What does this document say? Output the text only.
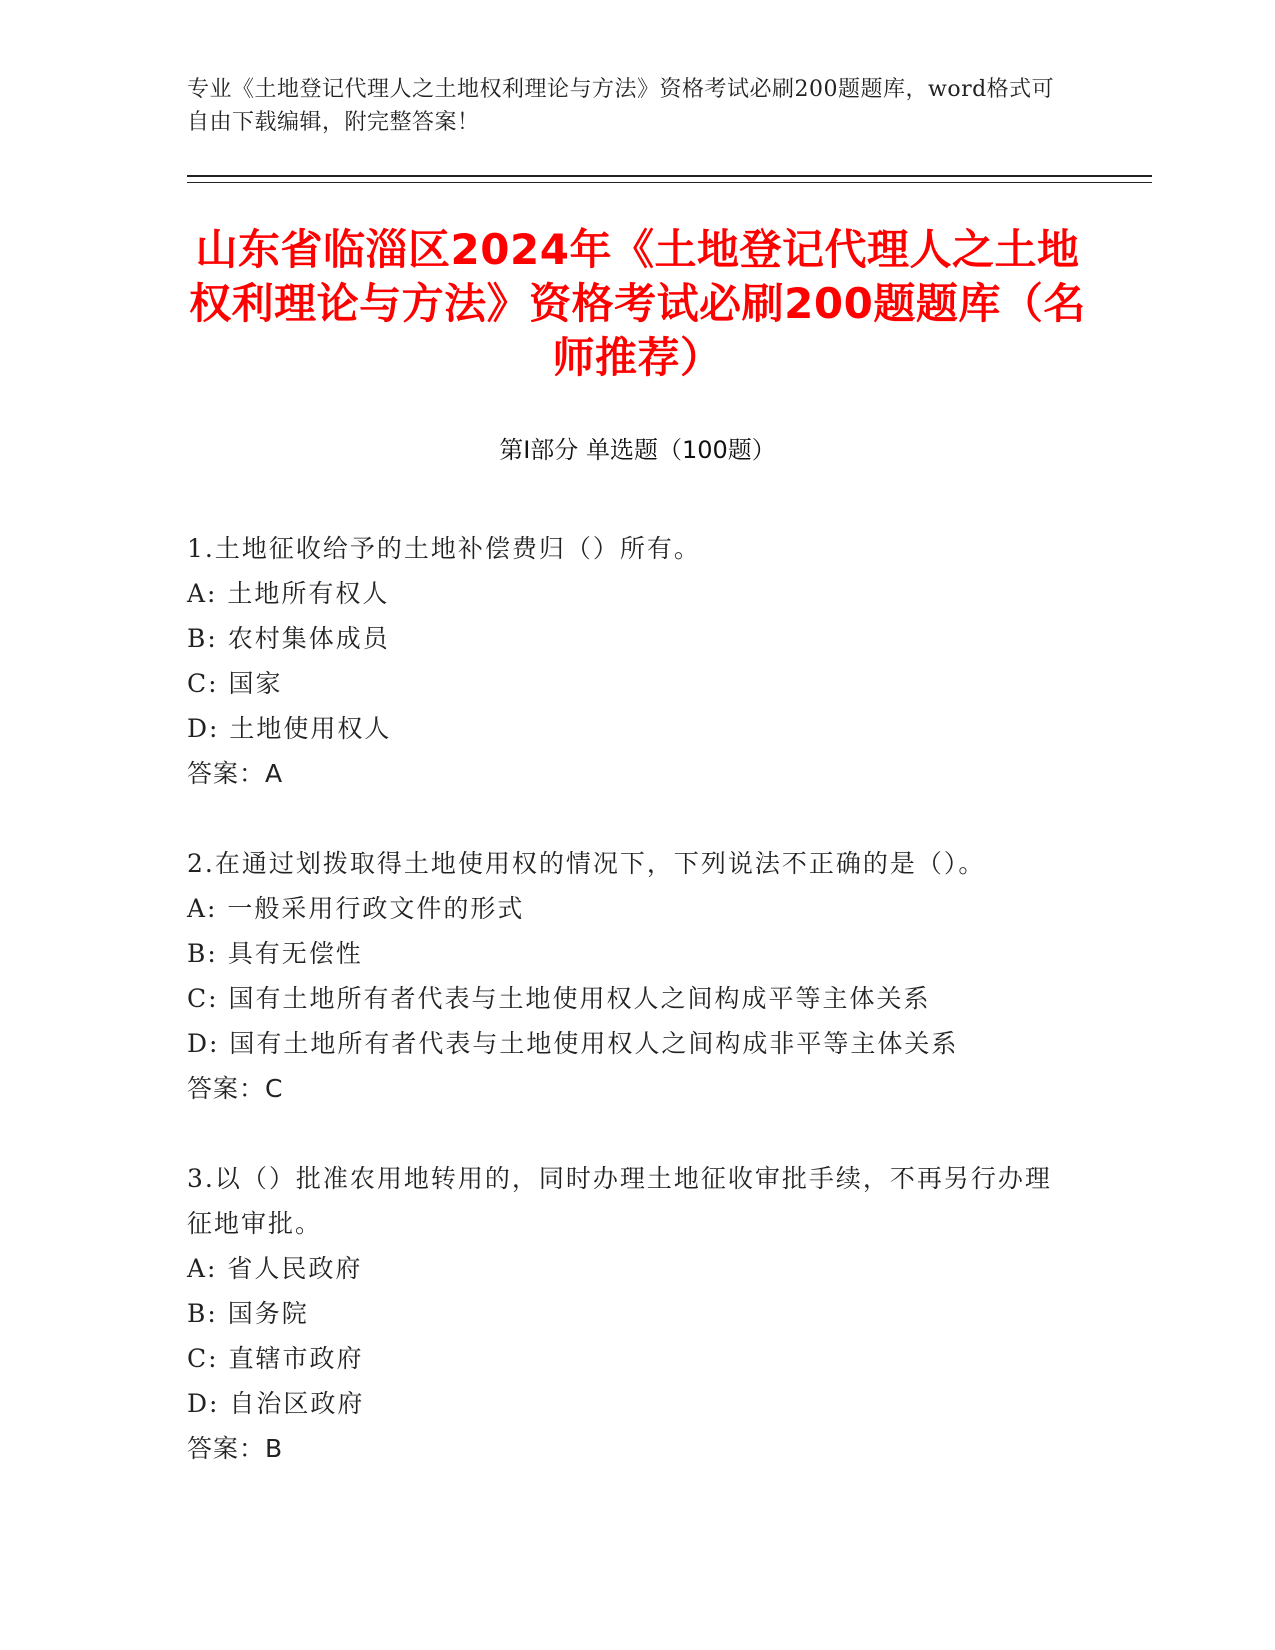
专业《土地登记代理人之土地权利理论与方法》资格考试必刷200题题库，word格式可自由下载编辑，附完整答案！
山东省临淄区2024年《土地登记代理人之土地权利理论与方法》资格考试必刷200题题库（名师推荐）
第I部分 单选题（100题）
1.土地征收给予的土地补偿费归（）所有。
A: 土地所有权人
B: 农村集体成员
C: 国家
D: 土地使用权人
答案：A
2.在通过划拨取得土地使用权的情况下，下列说法不正确的是（）。
A: 一般采用行政文件的形式
B: 具有无偿性
C: 国有土地所有者代表与土地使用权人之间构成平等主体关系
D: 国有土地所有者代表与土地使用权人之间构成非平等主体关系
答案：C
3.以（）批准农用地转用的，同时办理土地征收审批手续，不再另行办理征地审批。
A: 省人民政府
B: 国务院
C: 直辖市政府
D: 自治区政府
答案：B
